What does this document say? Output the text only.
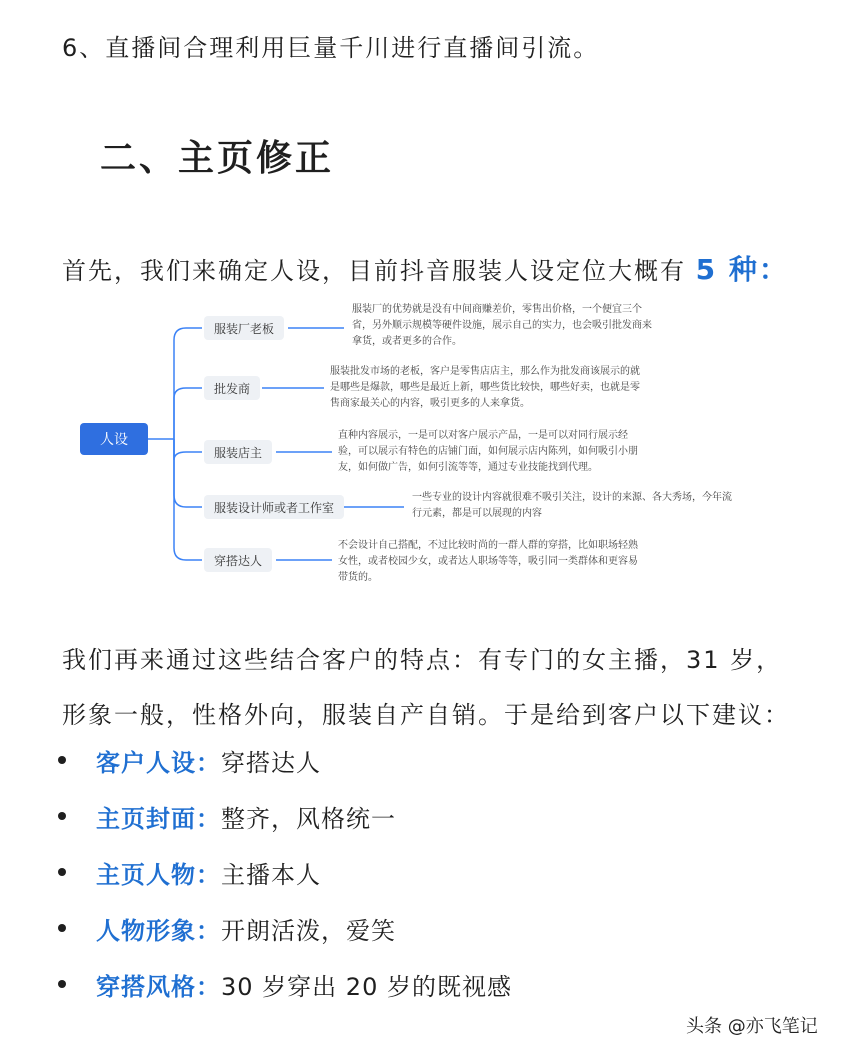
6、直播间合理利用巨量千川进行直播间引流。
二、主页修正
首先，我们来确定人设，目前抖音服装人设定位大概有 5 种：
人设
服装厂老板
批发商
服装店主
服装设计师或者工作室
穿搭达人
服装厂的优势就是没有中间商赚差价，零售出价格，一个便宜三个省，另外顺示规模等硬件设施，展示自己的实力，也会吸引批发商来拿货，或者更多的合作。
服装批发市场的老板，客户是零售店店主，那么作为批发商该展示的就是哪些是爆款，哪些是最近上新，哪些货比较快，哪些好卖，也就是零售商家最关心的内容，吸引更多的人来拿货。
直种内容展示，一是可以对客户展示产品，一是可以对同行展示经验，可以展示有特色的店铺门面，如何展示店内陈列，如何吸引小朋友，如何做广告，如何引流等等，通过专业技能找到代理。
一些专业的设计内容就很难不吸引关注，设计的来源、各大秀场，今年流行元素，都是可以展现的内容
不会设计自己搭配，不过比较时尚的一群人群的穿搭，比如职场轻熟女性，或者校园少女，或者达人职场等等，吸引同一类群体和更容易带货的。
我们再来通过这些结合客户的特点：有专门的女主播，31 岁，
形象一般，性格外向，服装自产自销。于是给到客户以下建议：
客户人设： 穿搭达人
主页封面： 整齐，风格统一
主页人物： 主播本人
人物形象： 开朗活泼，爱笑
穿搭风格： 30 岁穿出 20 岁的既视感
头条 @亦飞笔记
